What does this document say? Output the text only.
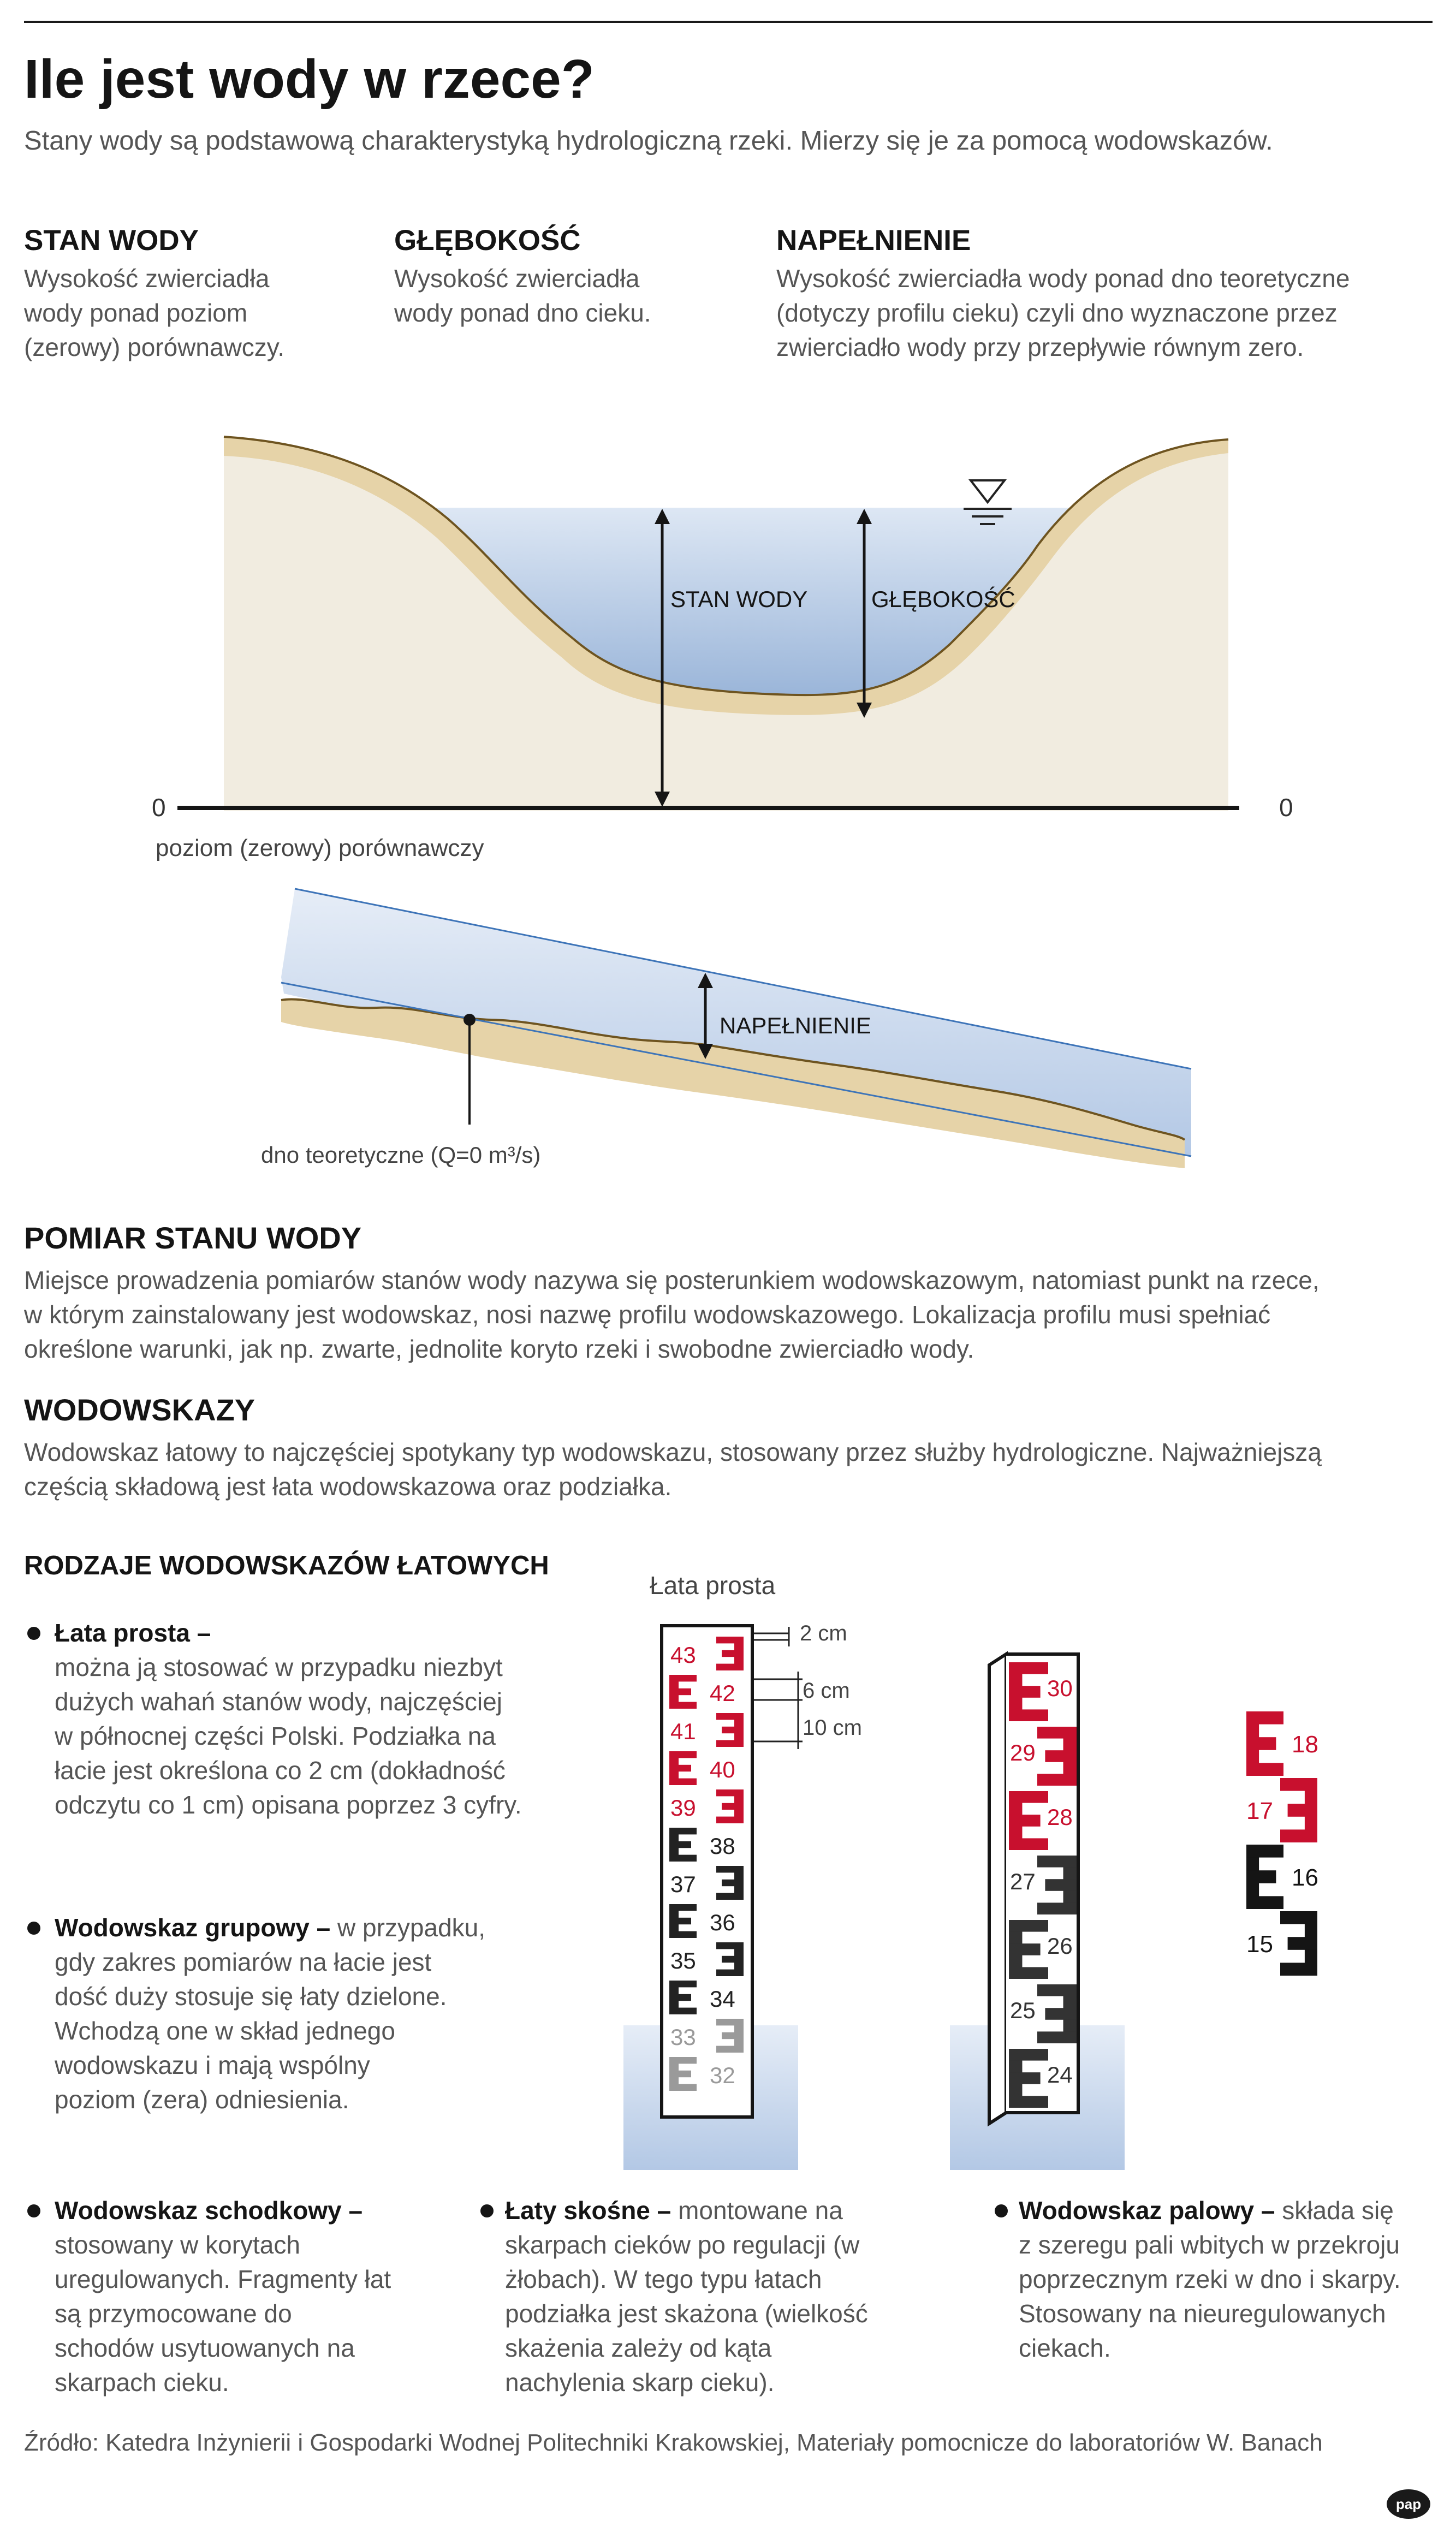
Ile jest wody w rzece?
Stany wody są podstawową charakterystyką hydrologiczną rzeki. Mierzy się je za pomocą wodowskazów.
STAN WODY
Wysokość zwierciadła
wody ponad poziom
(zerowy) porównawczy.
GŁĘBOKOŚĆ
Wysokość zwierciadła
wody ponad dno cieku.
NAPEŁNIENIE
Wysokość zwierciadła wody ponad dno teoretyczne
(dotyczy profilu cieku) czyli dno wyznaczone przez
zwierciadło wody przy przepływie równym zero.
STAN WODY	GŁĘBOKOŚĆ
0	0
poziom (zerowy) porównawczy
NAPEŁNIENIE
dno teoretyczne (Q=0 m³/s)
POMIAR STANU WODY
Miejsce prowadzenia pomiarów stanów wody nazywa się posterunkiem wodowskazowym, natomiast punkt na rzece,
w którym zainstalowany jest wodowskaz, nosi nazwę profilu wodowskazowego. Lokalizacja profilu musi spełniać
określone warunki, jak np. zwarte, jednolite koryto rzeki i swobodne zwierciadło wody.
WODOWSKAZY
Wodowskaz łatowy to najczęściej spotykany typ wodowskazu, stosowany przez służby hydrologiczne. Najważniejszą
częścią składową jest łata wodowskazowa oraz podziałka.
RODZAJE WODOWSKAZÓW ŁATOWYCH
Łata prosta –
można ją stosować w przypadku niezbyt
dużych wahań stanów wody, najczęściej
w północnej części Polski. Podziałka na
łacie jest określona co 2 cm (dokładność
odczytu co 1 cm) opisana poprzez 3 cyfry.
Wodowskaz grupowy – w przypadku,
gdy zakres pomiarów na łacie jest
dość duży stosuje się łaty dzielone.
Wchodzą one w skład jednego
wodowskazu i mają wspólny
poziom (zera) odniesienia.
Wodowskaz schodkowy –
stosowany w korytach
uregulowanych. Fragmenty łat
są przymocowane do
schodów usytuowanych na
skarpach cieku.
Łaty skośne – montowane na
skarpach cieków po regulacji (w
żłobach). W tego typu łatach
podziałka jest skażona (wielkość
skażenia zależy od kąta
nachylenia skarp cieku).
Wodowskaz palowy – składa się
z szeregu pali wbitych w przekroju
poprzecznym rzeki w dno i skarpy.
Stosowany na nieuregulowanych
ciekach.
Łata prosta
2 cm
6 cm
10 cm
43
42
41
40
39
38
37
36
35
34
33
32
30
29
28
27
26
25
24
18
17
16
15
Źródło: Katedra Inżynierii i Gospodarki Wodnej Politechniki Krakowskiej, Materiały pomocnicze do laboratoriów W. Banach
pap
